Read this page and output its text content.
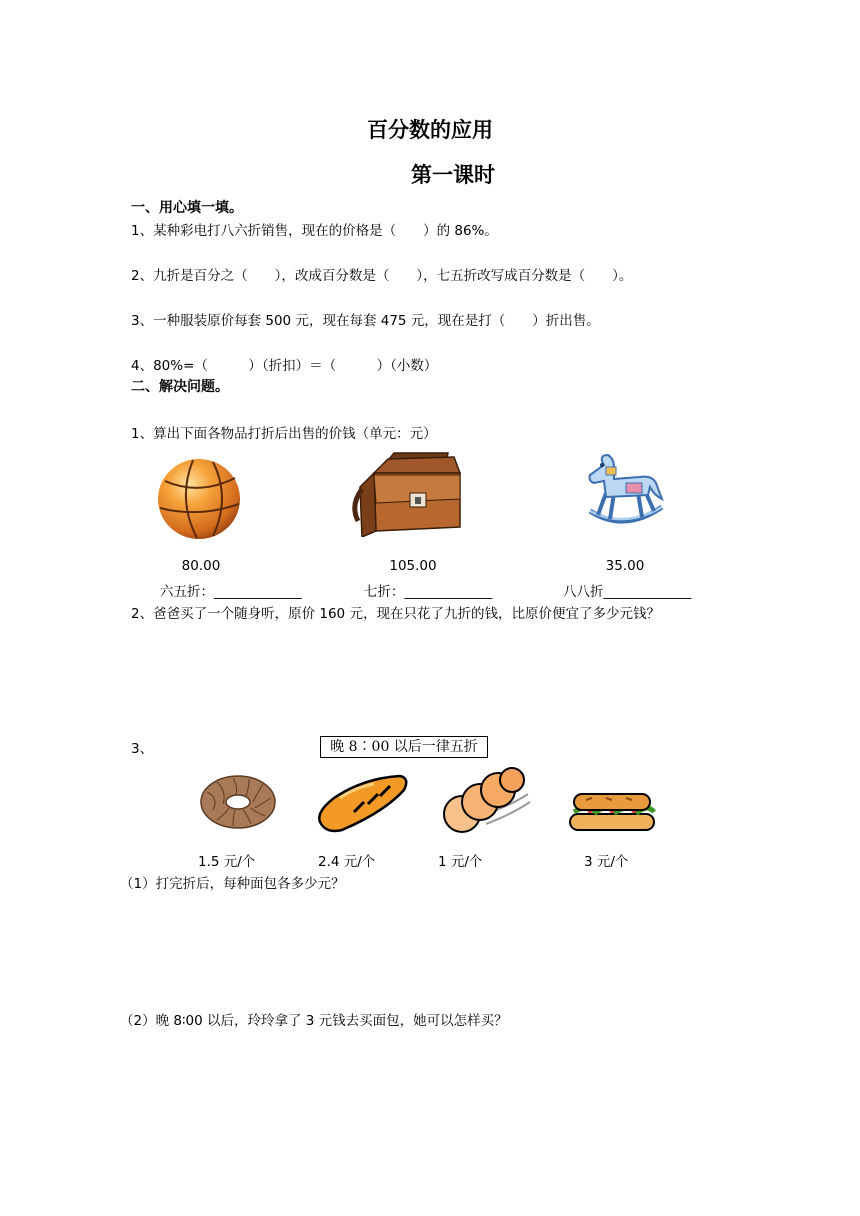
百分数的应用
第一课时
一、用心填一填。
1、某种彩电打八六折销售，现在的价格是（　　）的 86%。
2、九折是百分之（　　），改成百分数是（　　），七五折改写成百分数是（　　）。
3、一种服装原价每套 500 元，现在每套 475 元，现在是打（　　）折出售。
4、80%=（　　　）（折扣）＝（　　　）（小数）
二、解决问题。
1、算出下面各物品打折后出售的价钱（单元：元）
80.00	105.00	35.00
六五折：_____________	七折：_____________	八八折_____________
2、爸爸买了一个随身听，原价 160 元，现在只花了九折的钱，比原价便宜了多少元钱？
3、	晚 8∶00 以后一律五折
1.5 元/个	2.4 元/个	1 元/个	3 元/个
（1）打完折后，每种面包各多少元？
（2）晚 8∶00 以后，玲玲拿了 3 元钱去买面包，她可以怎样买？
